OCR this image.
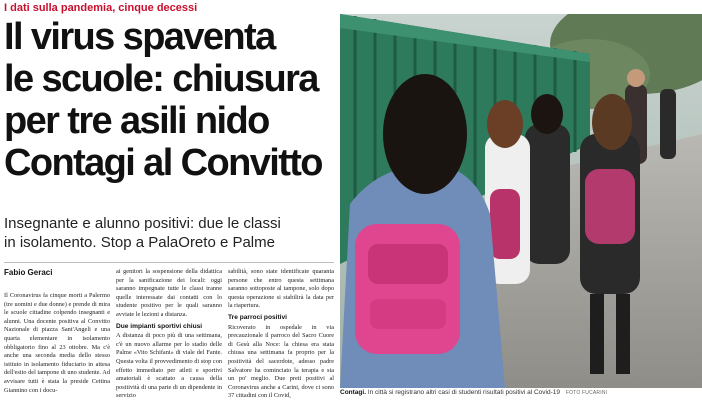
I dati sulla pandemia, cinque decessi
Il virus spaventa
le scuole: chiusura
per tre asili nido
Contagi al Convitto
Insegnante e alunno positivi: due le classi
in isolamento. Stop a PalaOreto e Palme
Fabio Geraci

Il Coronavirus fa cinque morti a Palermo (tre uomini e due donne) e prende di mira le scuole cittadine colpendo insegnanti e alunni. Una docente positiva al Convitto Nazionale di piazza Sant'Angeli e una quarta elementare in isolamento obbligatorio fino al 23 ottobre. Ma c'è anche una seconda media dello stesso istituto in isolamento fiduciario in attesa dell'esito del tampone di uno studente. Ad avvisare tutti è stata la preside Cettina Giannino con i docu-

ai genitori la sospensione della didattica per la sanificazione dei locali: oggi saranno impegnate tutte le classi tranne quelle interessate dai contatti con lo studente positivo per le quali saranno avviate le lezioni a distanza.

Due impianti sportivi chiusi

A distanza di poco più di una settimana, c'è un nuovo allarme per lo stadio delle Palme «Vito Schifani» di viale del Fante. Questa volta il provvedimento di stop con effetto immediato per atleti e sportivi amatoriali è scattato a causa della positività di una parte di un dipendente in servizio

sabilità, sono state identificate quaranta persone che entro questa settimana saranno sottoposte al tampone, solo dopo questa operazione si stabilirà la data per la riapertura.

Tre parroci positivi

Ricoverato in ospedale in via precauzionale il parroco del Sacro Cuore di Gesù alla Noce: la chiesa era stata chiusa una settimana fa proprio per la positività del sacerdote, adesso padre Salvatore ha cominciato la terapia e sta un po' meglio. Due preti positivi al Coronavirus anche a Carini, dove ci sono 37 cittadini con il Covid,	Contagi. In città si registrano altri casi di studenti risultati positivi al Covid-19 FOTO FUCARINI
